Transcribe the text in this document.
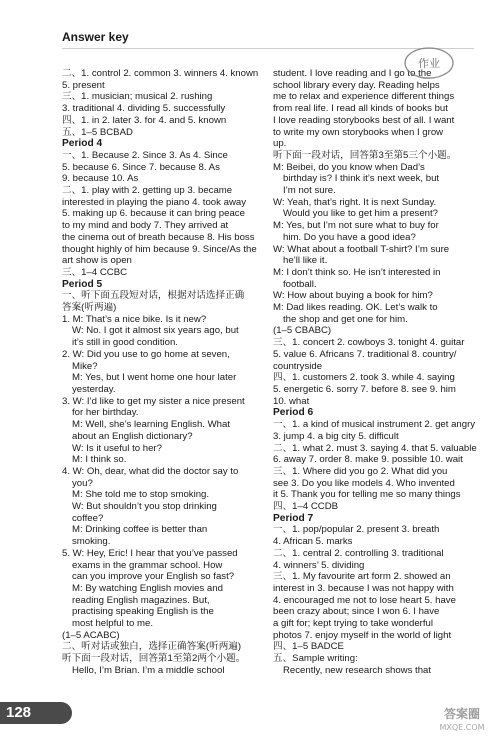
Answer key
二、1. control 2. common 3. winners 4. known
5. present
三、1. musician; musical 2. rushing
3. traditional 4. dividing 5. successfully
四、1. in 2. later 3. for 4. and 5. known
五、1–5 BCBAD
Period 4
一、1. Because 2. Since 3. As 4. Since
5. because 6. Since 7. because 8. As
9. because 10. As
二、1. play with 2. getting up 3. became
interested in playing the piano 4. took away
5. making up 6. because it can bring peace
to my mind and body 7. They arrived at
the cinema out of breath because 8. His boss
thought highly of him because 9. Since/As the
art show is open
三、1–4 CCBC
Period 5
一、听下面五段短对话，根据对话选择正确
答案(听两遍)
1. M: That’s a nice bike. Is it new?
W: No. I got it almost six years ago, but
it’s still in good condition.
2. W: Did you use to go home at seven,
Mike?
M: Yes, but I went home one hour later
yesterday.
3. W: I’d like to get my sister a nice present
for her birthday.
M: Well, she’s learning English. What
about an English dictionary?
W: Is it useful to her?
M: I think so.
4. W: Oh, dear, what did the doctor say to
you?
M: She told me to stop smoking.
W: But shouldn’t you stop drinking
coffee?
M: Drinking coffee is better than
smoking.
5. W: Hey, Eric! I hear that you’ve passed
exams in the grammar school. How
can you improve your English so fast?
M: By watching English movies and
reading English magazines. But,
practising speaking English is the
most helpful to me.
(1–5 ACABC)
二、听对话或独白，选择正确答案(听两遍)
听下面一段对话，回答第1至第2两个小题。
Hello, I’m Brian. I’m a middle school
student. I love reading and I go to the
school library every day. Reading helps
me to relax and experience different things
from real life. I read all kinds of books but
I love reading storybooks best of all. I want
to write my own storybooks when I grow
up.
听下面一段对话，回答第3至第5三个小题。
M: Beibei, do you know when Dad’s
birthday is? I think it’s next week, but
I’m not sure.
W: Yeah, that’s right. It is next Sunday.
Would you like to get him a present?
M: Yes, but I’m not sure what to buy for
him. Do you have a good idea?
W: What about a football T-shirt? I’m sure
he’ll like it.
M: I don’t think so. He isn’t interested in
football.
W: How about buying a book for him?
M: Dad likes reading. OK. Let’s walk to
the shop and get one for him.
(1–5 CBABC)
三、1. concert 2. cowboys 3. tonight 4. guitar
5. value 6. Africans 7. traditional 8. country/
countryside
四、1. customers 2. took 3. while 4. saying
5. energetic 6. sorry 7. before 8. see 9. him
10. what
Period 6
一、1. a kind of musical instrument 2. get angry
3. jump 4. a big city 5. difficult
二、1. what 2. must 3. saying 4. that 5. valuable
6. away 7. order 8. make 9. possible 10. wait
三、1. Where did you go 2. What did you
see 3. Do you like models 4. Who invented
it 5. Thank you for telling me so many things
四、1–4 CCDB
Period 7
一、1. pop/popular 2. present 3. breath
4. African 5. marks
二、1. central 2. controlling 3. traditional
4. winners’ 5. dividing
三、1. My favourite art form 2. showed an
interest in 3. because I was not happy with
4. encouraged me not to lose heart 5. have
been crazy about; since I won 6. I have
a gift for; kept trying to take wonderful
photos 7. enjoy myself in the world of light
四、1–5 BADCE
五、Sample writing:
Recently, new research shows that
作业
答案圈
MXQE.COM
128
